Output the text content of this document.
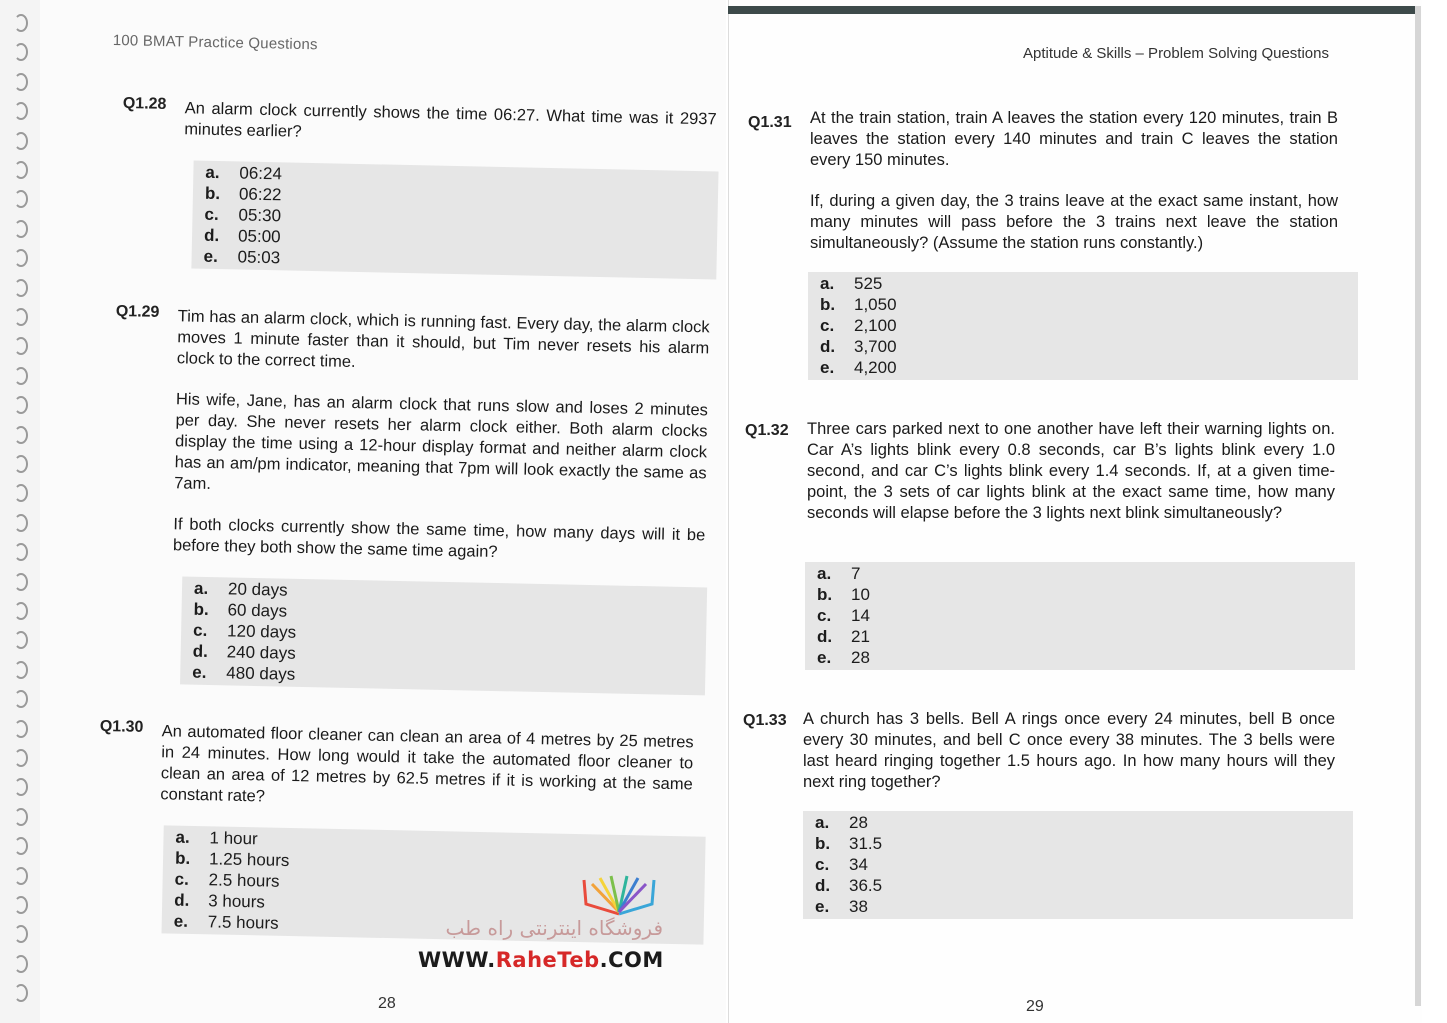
100 BMAT Practice Questions
Aptitude & Skills – Problem Solving Questions
Q1.28 An alarm clock currently shows the time 06:27. What time was it 2937 minutes earlier?

a.	06:24
b.	06:22
c.	05:30
d.	05:00
e.	05:03
Q1.29 Tim has an alarm clock, which is running fast. Every day, the alarm clock moves 1 minute faster than it should, but Tim never resets his alarm clock to the correct time.

His wife, Jane, has an alarm clock that runs slow and loses 2 minutes per day. She never resets her alarm clock either. Both alarm clocks display the time using a 12-hour display format and neither alarm clock has an am/pm indicator, meaning that 7pm will look exactly the same as 7am.

If both clocks currently show the same time, how many days will it be before they both show the same time again?

a.	20 days
b.	60 days
c.	120 days
d.	240 days
e.	480 days
Q1.30 An automated floor cleaner can clean an area of 4 metres by 25 metres in 24 minutes. How long would it take the automated floor cleaner to clean an area of 12 metres by 62.5 metres if it is working at the same constant rate?

a.	1 hour
b.	1.25 hours
c.	2.5 hours
d.	3 hours
e.	7.5 hours
28
Q1.31 At the train station, train A leaves the station every 120 minutes, train B leaves the station every 140 minutes and train C leaves the station every 150 minutes.

If, during a given day, the 3 trains leave at the exact same instant, how many minutes will pass before the 3 trains next leave the station simultaneously? (Assume the station runs constantly.)

a.	525
b.	1,050
c.	2,100
d.	3,700
e.	4,200
Q1.32 Three cars parked next to one another have left their warning lights on. Car A’s lights blink every 0.8 seconds, car B’s lights blink every 1.0 second, and car C’s lights blink every 1.4 seconds. If, at a given time-point, the 3 sets of car lights blink at the exact same time, how many seconds will elapse before the 3 lights next blink simultaneously?

a.	7
b.	10
c.	14
d.	21
e.	28
Q1.33 A church has 3 bells. Bell A rings once every 24 minutes, bell B once every 30 minutes, and bell C once every 38 minutes. The 3 bells were last heard ringing together 1.5 hours ago. In how many hours will they next ring together?

a.	28
b.	31.5
c.	34
d.	36.5
e.	38
29
فروشگاه اینترنتی راه طب
WWW.RaheTeb.COM
